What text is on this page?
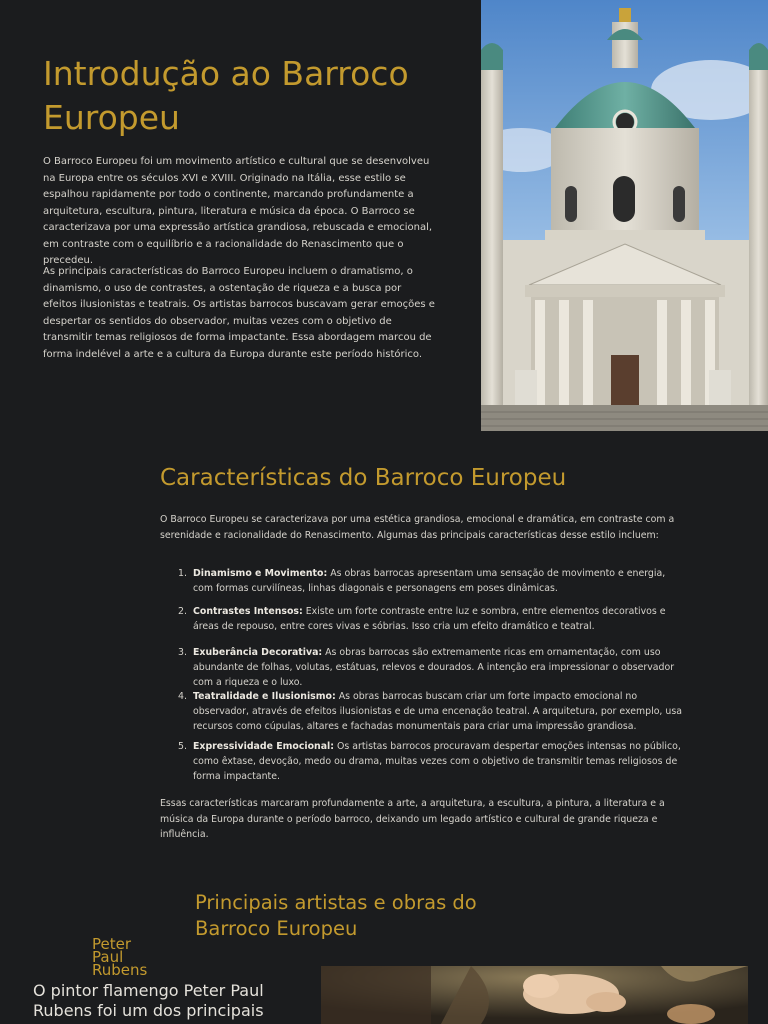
Introdução ao Barroco Europeu

O Barroco Europeu foi um movimento artístico e cultural que se desenvolveu na Europa entre os séculos XVI e XVIII. Originado na Itália, esse estilo se espalhou rapidamente por todo o continente, marcando profundamente a arquitetura, escultura, pintura, literatura e música da época. O Barroco se caracterizava por uma expressão artística grandiosa, rebuscada e emocional, em contraste com o equilíbrio e a racionalidade do Renascimento que o precedeu.

As principais características do Barroco Europeu incluem o dramatismo, o dinamismo, o uso de contrastes, a ostentação de riqueza e a busca por efeitos ilusionistas e teatrais. Os artistas barrocos buscavam gerar emoções e despertar os sentidos do observador, muitas vezes com o objetivo de transmitir temas religiosos de forma impactante. Essa abordagem marcou de forma indelével a arte e a cultura da Europa durante este período histórico.

Características do Barroco Europeu

O Barroco Europeu se caracterizava por uma estética grandiosa, emocional e dramática, em contraste com a serenidade e racionalidade do Renascimento. Algumas das principais características desse estilo incluem:

1. Dinamismo e Movimento: As obras barrocas apresentam uma sensação de movimento e energia, com formas curvilíneas, linhas diagonais e personagens em poses dinâmicas.
2. Contrastes Intensos: Existe um forte contraste entre luz e sombra, entre elementos decorativos e áreas de repouso, entre cores vivas e sóbrias. Isso cria um efeito dramático e teatral.
3. Exuberância Decorativa: As obras barrocas são extremamente ricas em ornamentação, com uso abundante de folhas, volutas, estátuas, relevos e dourados. A intenção era impressionar o observador com a riqueza e o luxo.
4. Teatralidade e Ilusionismo: As obras barrocas buscam criar um forte impacto emocional no observador, através de efeitos ilusionistas e de uma encenação teatral. A arquitetura, por exemplo, usa recursos como cúpulas, altares e fachadas monumentais para criar uma impressão grandiosa.
5. Expressividade Emocional: Os artistas barrocos procuravam despertar emoções intensas no público, como êxtase, devoção, medo ou drama, muitas vezes com o objetivo de transmitir temas religiosos de forma impactante.

Essas características marcaram profundamente a arte, a arquitetura, a escultura, a pintura, a literatura e a música da Europa durante o período barroco, deixando um legado artístico e cultural de grande riqueza e influência.

Principais artistas e obras do Barroco Europeu
Peter Paul Rubens
O pintor flamengo Peter Paul Rubens foi um dos principais
